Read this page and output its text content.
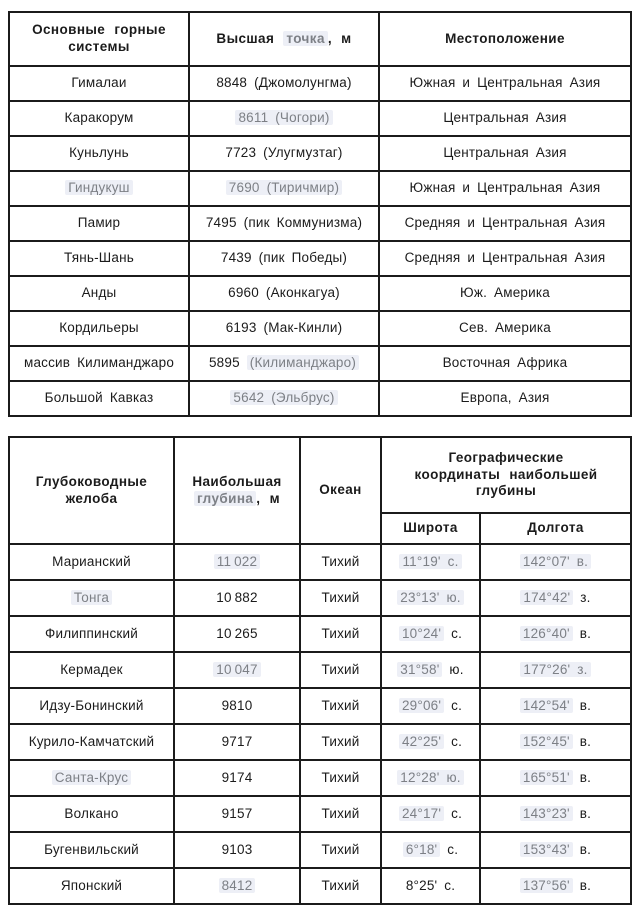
Основные горные системы	Высшая точка , м	Местоположение
Гималаи	8848 (Джомолунгма)	Южная и Центральная Азия
Каракорум	8611 (Чогори)	Центральная Азия
Куньлунь	7723 (Улугмузтаг)	Центральная Азия
Гиндукуш	7690 (Тиричмир)	Южная и Центральная Азия
Памир	7495 (пик Коммунизма)	Средняя и Центральная Азия
Тянь-Шань	7439 (пик Победы)	Средняя и Центральная Азия
Анды	6960 (Аконкагуа)	Юж. Америка
Кордильеры	6193 (Мак-Кинли)	Сев. Америка
массив Килиманджаро	5895 (Килиманджаро)	Восточная Африка
Большой Кавказ	5642 (Эльбрус)	Европа, Азия
Глубоководные желоба	Наибольшая глубина , м	Океан	Географические координаты наибольшей глубины	
			Широта	Долгота
Марианский	11 022	Тихий	11°19' с.	142°07' в.
Тонга	10 882	Тихий	23°13' ю.	174°42' з.
Филиппинский	10 265	Тихий	10°24' с.	126°40' в.
Кермадек	10 047	Тихий	31°58' ю.	177°26' з.
Идзу-Бонинский	9810	Тихий	29°06' с.	142°54' в.
Курило-Камчатский	9717	Тихий	42°25' с.	152°45' в.
Санта-Крус	9174	Тихий	12°28' ю.	165°51' в.
Волкано	9157	Тихий	24°17' с.	143°23' в.
Бугенвильский	9103	Тихий	6°18' с.	153°43' в.
Японский	8412	Тихий	8°25' с.	137°56' в.
